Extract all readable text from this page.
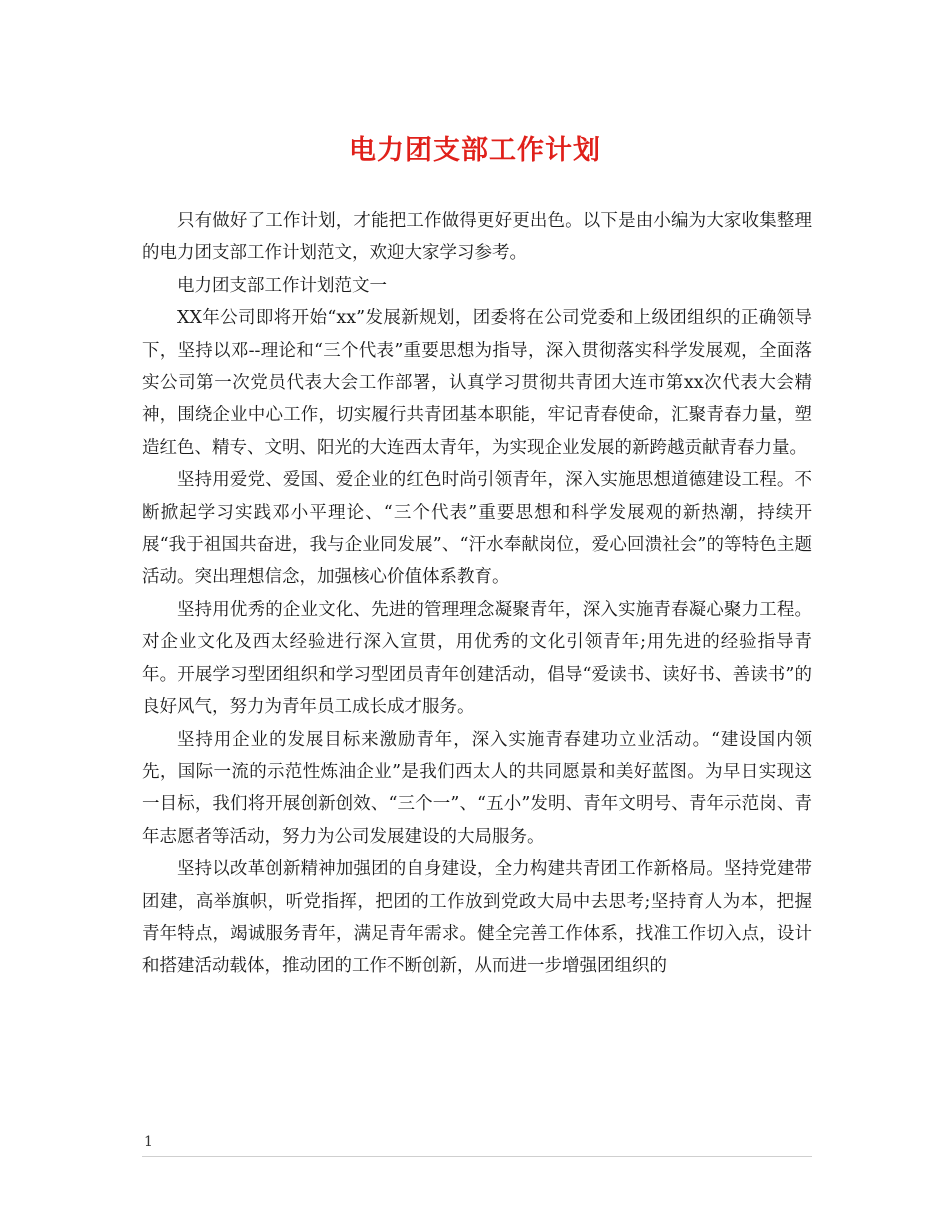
电力团支部工作计划

只有做好了工作计划，才能把工作做得更好更出色。以下是由小编为大家收集整理的电力团支部工作计划范文，欢迎大家学习参考。

电力团支部工作计划范文一

XX年公司即将开始“xx”发展新规划，团委将在公司党委和上级团组织的正确领导下，坚持以邓--理论和“三个代表”重要思想为指导，深入贯彻落实科学发展观，全面落实公司第一次党员代表大会工作部署，认真学习贯彻共青团大连市第xx次代表大会精神，围绕企业中心工作，切实履行共青团基本职能，牢记青春使命，汇聚青春力量，塑造红色、精专、文明、阳光的大连西太青年，为实现企业发展的新跨越贡献青春力量。

坚持用爱党、爱国、爱企业的红色时尚引领青年，深入实施思想道德建设工程。不断掀起学习实践邓小平理论、“三个代表”重要思想和科学发展观的新热潮，持续开展“我于祖国共奋进，我与企业同发展”、“汗水奉献岗位，爱心回溃社会”的等特色主题活动。突出理想信念，加强核心价值体系教育。

坚持用优秀的企业文化、先进的管理理念凝聚青年，深入实施青春凝心聚力工程。对企业文化及西太经验进行深入宣贯，用优秀的文化引领青年;用先进的经验指导青年。开展学习型团组织和学习型团员青年创建活动，倡导“爱读书、读好书、善读书”的良好风气，努力为青年员工成长成才服务。

坚持用企业的发展目标来激励青年，深入实施青春建功立业活动。“建设国内领先，国际一流的示范性炼油企业”是我们西太人的共同愿景和美好蓝图。为早日实现这一目标，我们将开展创新创效、“三个一”、“五小”发明、青年文明号、青年示范岗、青年志愿者等活动，努力为公司发展建设的大局服务。

坚持以改革创新精神加强团的自身建设，全力构建共青团工作新格局。坚持党建带团建，高举旗帜，听党指挥，把团的工作放到党政大局中去思考;坚持育人为本，把握青年特点，竭诚服务青年，满足青年需求。健全完善工作体系，找准工作切入点，设计和搭建活动载体，推动团的工作不断创新，从而进一步增强团组织的

1
